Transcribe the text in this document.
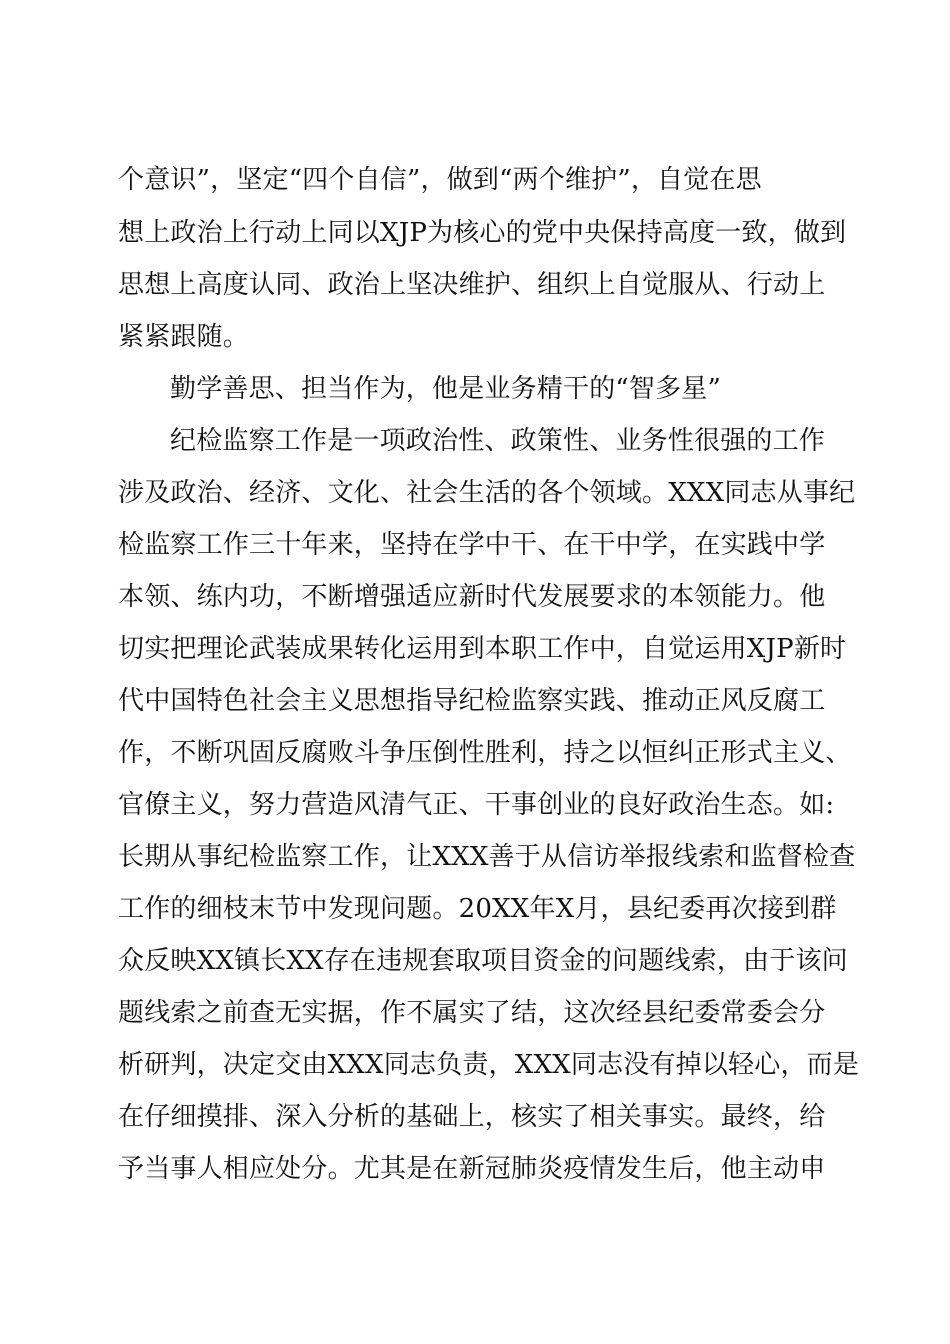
个意识”，坚定“四个自信”，做到“两个维护”，自觉在思
想上政治上行动上同以XJP为核心的党中央保持高度一致，做到
思想上高度认同、政治上坚决维护、组织上自觉服从、行动上
紧紧跟随。
勤学善思、担当作为，他是业务精干的“智多星”
纪检监察工作是一项政治性、政策性、业务性很强的工作
涉及政治、经济、文化、社会生活的各个领域。XXX同志从事纪
检监察工作三十年来，坚持在学中干、在干中学，在实践中学
本领、练内功，不断增强适应新时代发展要求的本领能力。他
切实把理论武装成果转化运用到本职工作中，自觉运用XJP新时
代中国特色社会主义思想指导纪检监察实践、推动正风反腐工
作，不断巩固反腐败斗争压倒性胜利，持之以恒纠正形式主义、
官僚主义，努力营造风清气正、干事创业的良好政治生态。如:
长期从事纪检监察工作，让XXX善于从信访举报线索和监督检查
工作的细枝末节中发现问题。20XX年X月，县纪委再次接到群
众反映XX镇长XX存在违规套取项目资金的问题线索，由于该问
题线索之前查无实据，作不属实了结，这次经县纪委常委会分
析研判，决定交由XXX同志负责，XXX同志没有掉以轻心，而是
在仔细摸排、深入分析的基础上，核实了相关事实。最终，给
予当事人相应处分。尤其是在新冠肺炎疫情发生后，他主动申
